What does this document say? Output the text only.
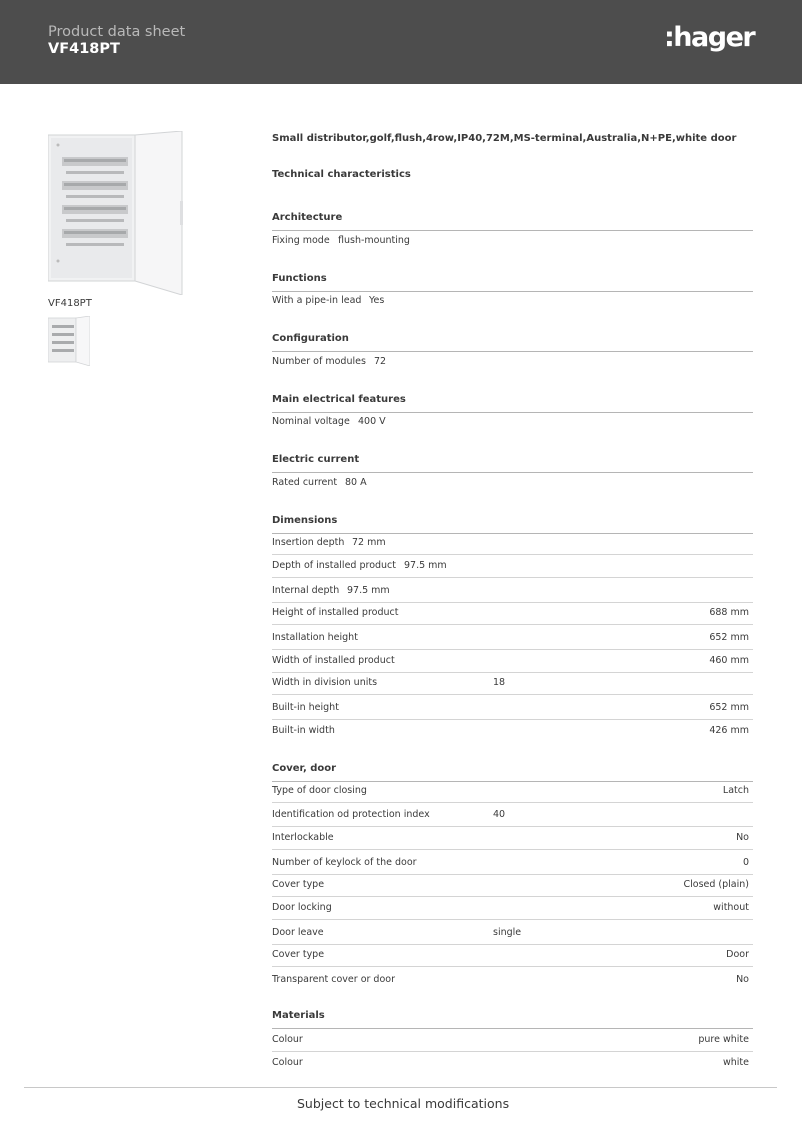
Product data sheet
VF418PT	:hager
VF418PT
Small distributor,golf,flush,4row,IP40,72M,MS-terminal,Australia,N+PE,white door
Technical characteristics
Architecture
Fixing mode flush-mounting
Functions
With a pipe-in lead Yes
Configuration
Number of modules 72
Main electrical features
Nominal voltage 400 V
Electric current
Rated current 80 A
Dimensions
Insertion depth 72 mm
Depth of installed product 97.5 mm
Internal depth 97.5 mm
Height of installed product	688 mm
Installation height	652 mm
Width of installed product	460 mm
Width in division units	18
Built-in height	652 mm
Built-in width	426 mm
Cover, door
Type of door closing	Latch
Identification od protection index	40
Interlockable	No
Number of keylock of the door	0
Cover type	Closed (plain)
Door locking	without
Door leave	single
Cover type	Door
Transparent cover or door	No
Materials
Colour	pure white
Colour	white
Subject to technical modifications
